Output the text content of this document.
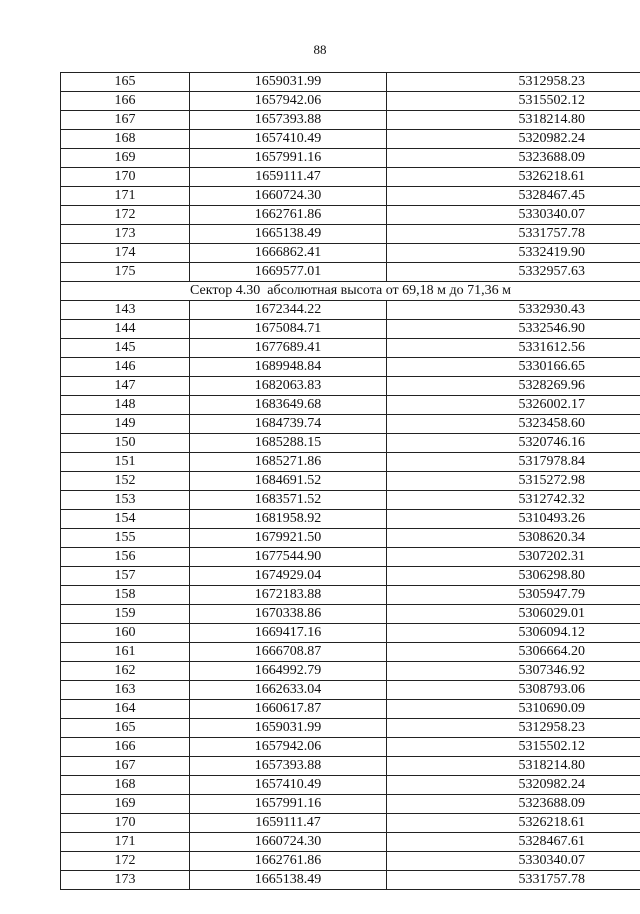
88
165	1659031.99	5312958.23
166	1657942.06	5315502.12
167	1657393.88	5318214.80
168	1657410.49	5320982.24
169	1657991.16	5323688.09
170	1659111.47	5326218.61
171	1660724.30	5328467.45
172	1662761.86	5330340.07
173	1665138.49	5331757.78
174	1666862.41	5332419.90
175	1669577.01	5332957.63
Сектор 4.30  абсолютная высота от 69,18 м до 71,36 м		
143	1672344.22	5332930.43
144	1675084.71	5332546.90
145	1677689.41	5331612.56
146	1689948.84	5330166.65
147	1682063.83	5328269.96
148	1683649.68	5326002.17
149	1684739.74	5323458.60
150	1685288.15	5320746.16
151	1685271.86	5317978.84
152	1684691.52	5315272.98
153	1683571.52	5312742.32
154	1681958.92	5310493.26
155	1679921.50	5308620.34
156	1677544.90	5307202.31
157	1674929.04	5306298.80
158	1672183.88	5305947.79
159	1670338.86	5306029.01
160	1669417.16	5306094.12
161	1666708.87	5306664.20
162	1664992.79	5307346.92
163	1662633.04	5308793.06
164	1660617.87	5310690.09
165	1659031.99	5312958.23
166	1657942.06	5315502.12
167	1657393.88	5318214.80
168	1657410.49	5320982.24
169	1657991.16	5323688.09
170	1659111.47	5326218.61
171	1660724.30	5328467.61
172	1662761.86	5330340.07
173	1665138.49	5331757.78
